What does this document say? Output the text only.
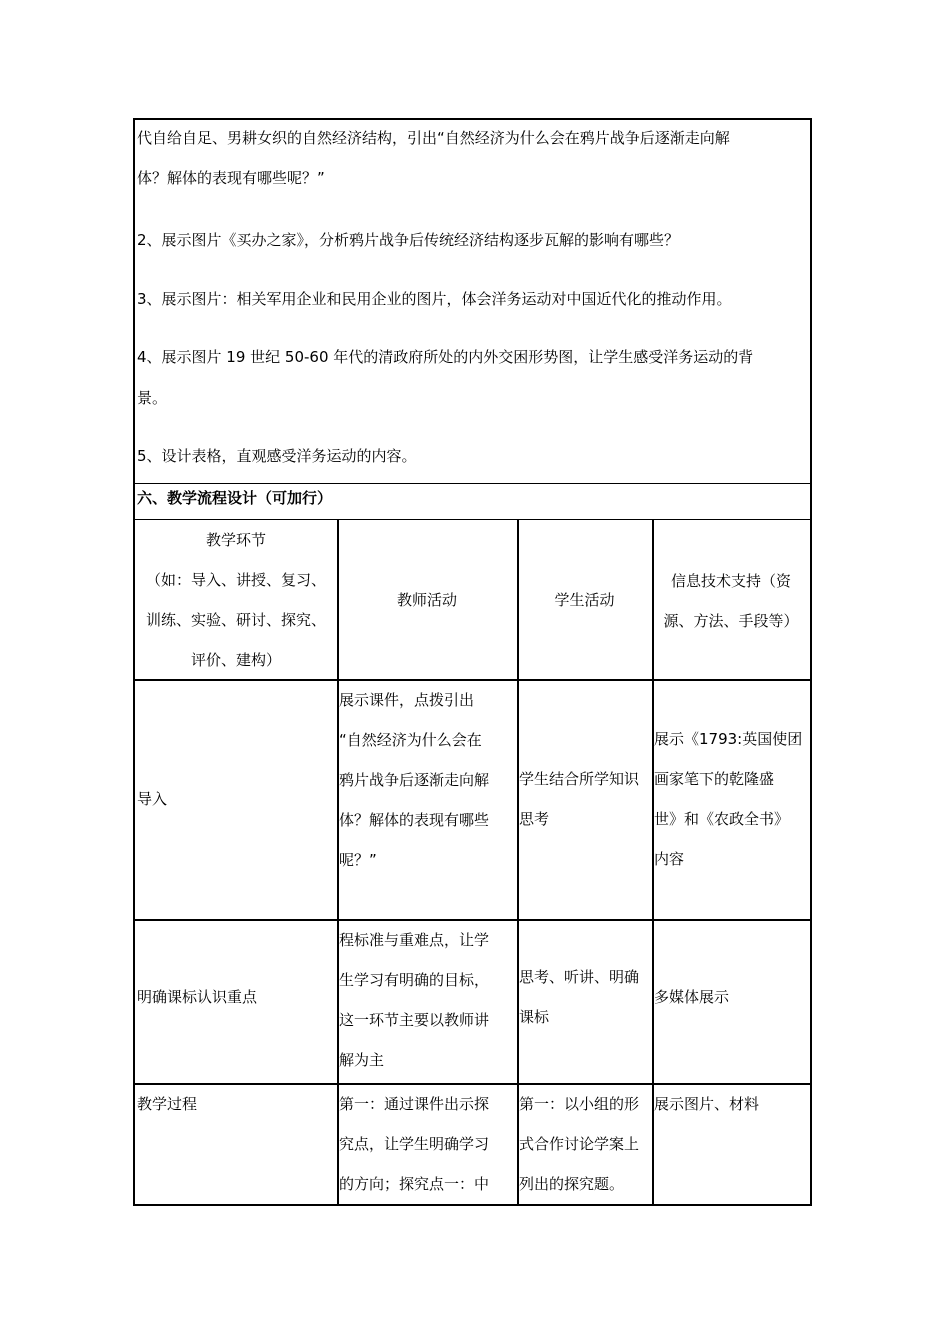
代自给自足、男耕女织的自然经济结构，引出“自然经济为什么会在鸦片战争后逐渐走向解

体？解体的表现有哪些呢？”

2、展示图片《买办之家》，分析鸦片战争后传统经济结构逐步瓦解的影响有哪些？

3、展示图片：相关军用企业和民用企业的图片，体会洋务运动对中国近代化的推动作用。

4、展示图片 19 世纪 50-60 年代的清政府所处的内外交困形势图，让学生感受洋务运动的背

景。

5、设计表格，直观感受洋务运动的内容。

六、教学流程设计（可加行）
教学环节
（如：导入、讲授、复习、
训练、实验、研讨、探究、
评价、建构）
教师活动	学生活动
信息技术支持（资
源、方法、手段等）
导入
展示课件，点拨引出
“自然经济为什么会在
鸦片战争后逐渐走向解
体？解体的表现有哪些
呢？”
学生结合所学知识
思考
展示《1793:英国使团
画家笔下的乾隆盛
世》和《农政全书》
内容
明确课标认识重点
程标准与重难点，让学
生学习有明确的目标，
这一环节主要以教师讲
解为主
思考、听讲、明确
课标
多媒体展示
教学过程	第一：通过课件出示探
究点，让学生明确学习
的方向；探究点一：中
第一：以小组的形
式合作讨论学案上
列出的探究题。
展示图片、材料
